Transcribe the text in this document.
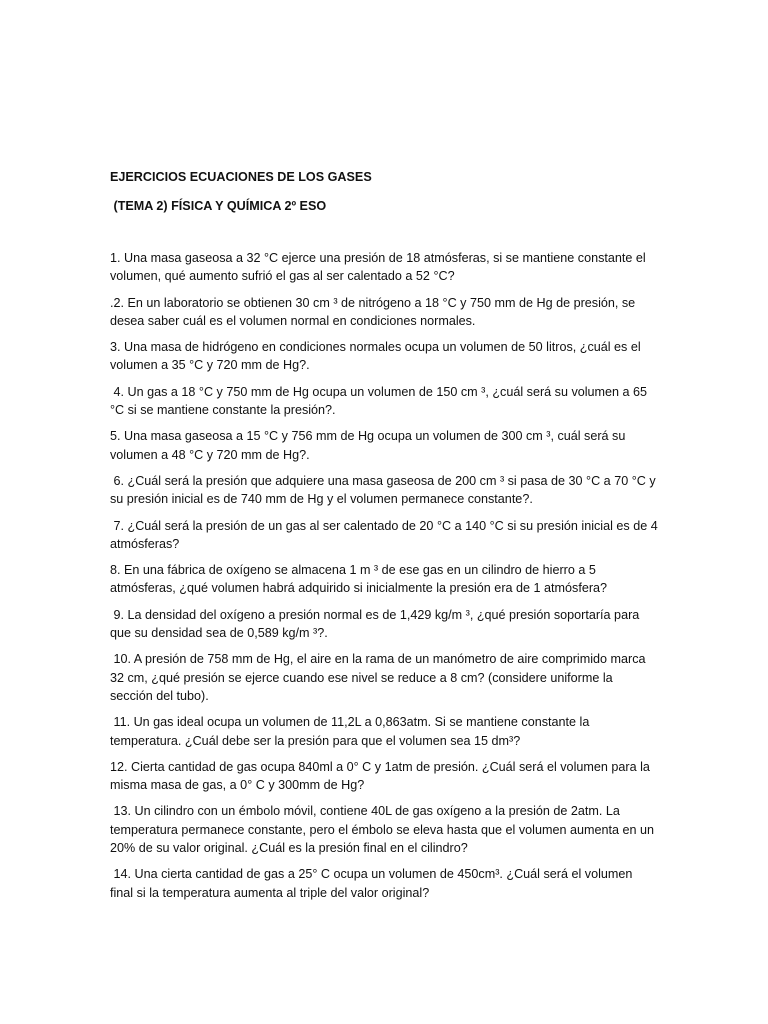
EJERCICIOS ECUACIONES DE LOS GASES

(TEMA 2) FÍSICA Y QUÍMICA 2º ESO

1. Una masa gaseosa a 32 °C ejerce una presión de 18 atmósferas, si se mantiene constante el volumen, qué aumento sufrió el gas al ser calentado a 52 °C?

.2. En un laboratorio se obtienen 30 cm ³ de nitrógeno a 18 °C y 750 mm de Hg de presión, se desea saber cuál es el volumen normal en condiciones normales.

3. Una masa de hidrógeno en condiciones normales ocupa un volumen de 50 litros, ¿cuál es el volumen a 35 °C y 720 mm de Hg?.

4. Un gas a 18 °C y 750 mm de Hg ocupa un volumen de 150 cm ³, ¿cuál será su volumen a 65 °C si se mantiene constante la presión?.

5. Una masa gaseosa a 15 °C y 756 mm de Hg ocupa un volumen de 300 cm ³, cuál será su volumen a 48 °C y 720 mm de Hg?.

6. ¿Cuál será la presión que adquiere una masa gaseosa de 200 cm ³ si pasa de 30 °C a 70 °C y su presión inicial es de 740 mm de Hg y el volumen permanece constante?.

7. ¿Cuál será la presión de un gas al ser calentado de 20 °C a 140 °C si su presión inicial es de 4 atmósferas?

8. En una fábrica de oxígeno se almacena 1 m ³ de ese gas en un cilindro de hierro a 5 atmósferas, ¿qué volumen habrá adquirido si inicialmente la presión era de 1 atmósfera?

9. La densidad del oxígeno a presión normal es de 1,429 kg/m ³, ¿qué presión soportaría para que su densidad sea de 0,589 kg/m ³?.

10. A presión de 758 mm de Hg, el aire en la rama de un manómetro de aire comprimido marca 32 cm, ¿qué presión se ejerce cuando ese nivel se reduce a 8 cm? (considere uniforme la sección del tubo).

11. Un gas ideal ocupa un volumen de 11,2L a 0,863atm. Si se mantiene constante la temperatura. ¿Cuál debe ser la presión para que el volumen sea 15 dm³?

12. Cierta cantidad de gas ocupa 840ml a 0° C y 1atm de presión. ¿Cuál será el volumen para la misma masa de gas, a 0° C y 300mm de Hg?

13. Un cilindro con un émbolo móvil, contiene 40L de gas oxígeno a la presión de 2atm. La temperatura permanece constante, pero el émbolo se eleva hasta que el volumen aumenta en un 20% de su valor original. ¿Cuál es la presión final en el cilindro?

14. Una cierta cantidad de gas a 25° C ocupa un volumen de 450cm³. ¿Cuál será el volumen final si la temperatura aumenta al triple del valor original?
